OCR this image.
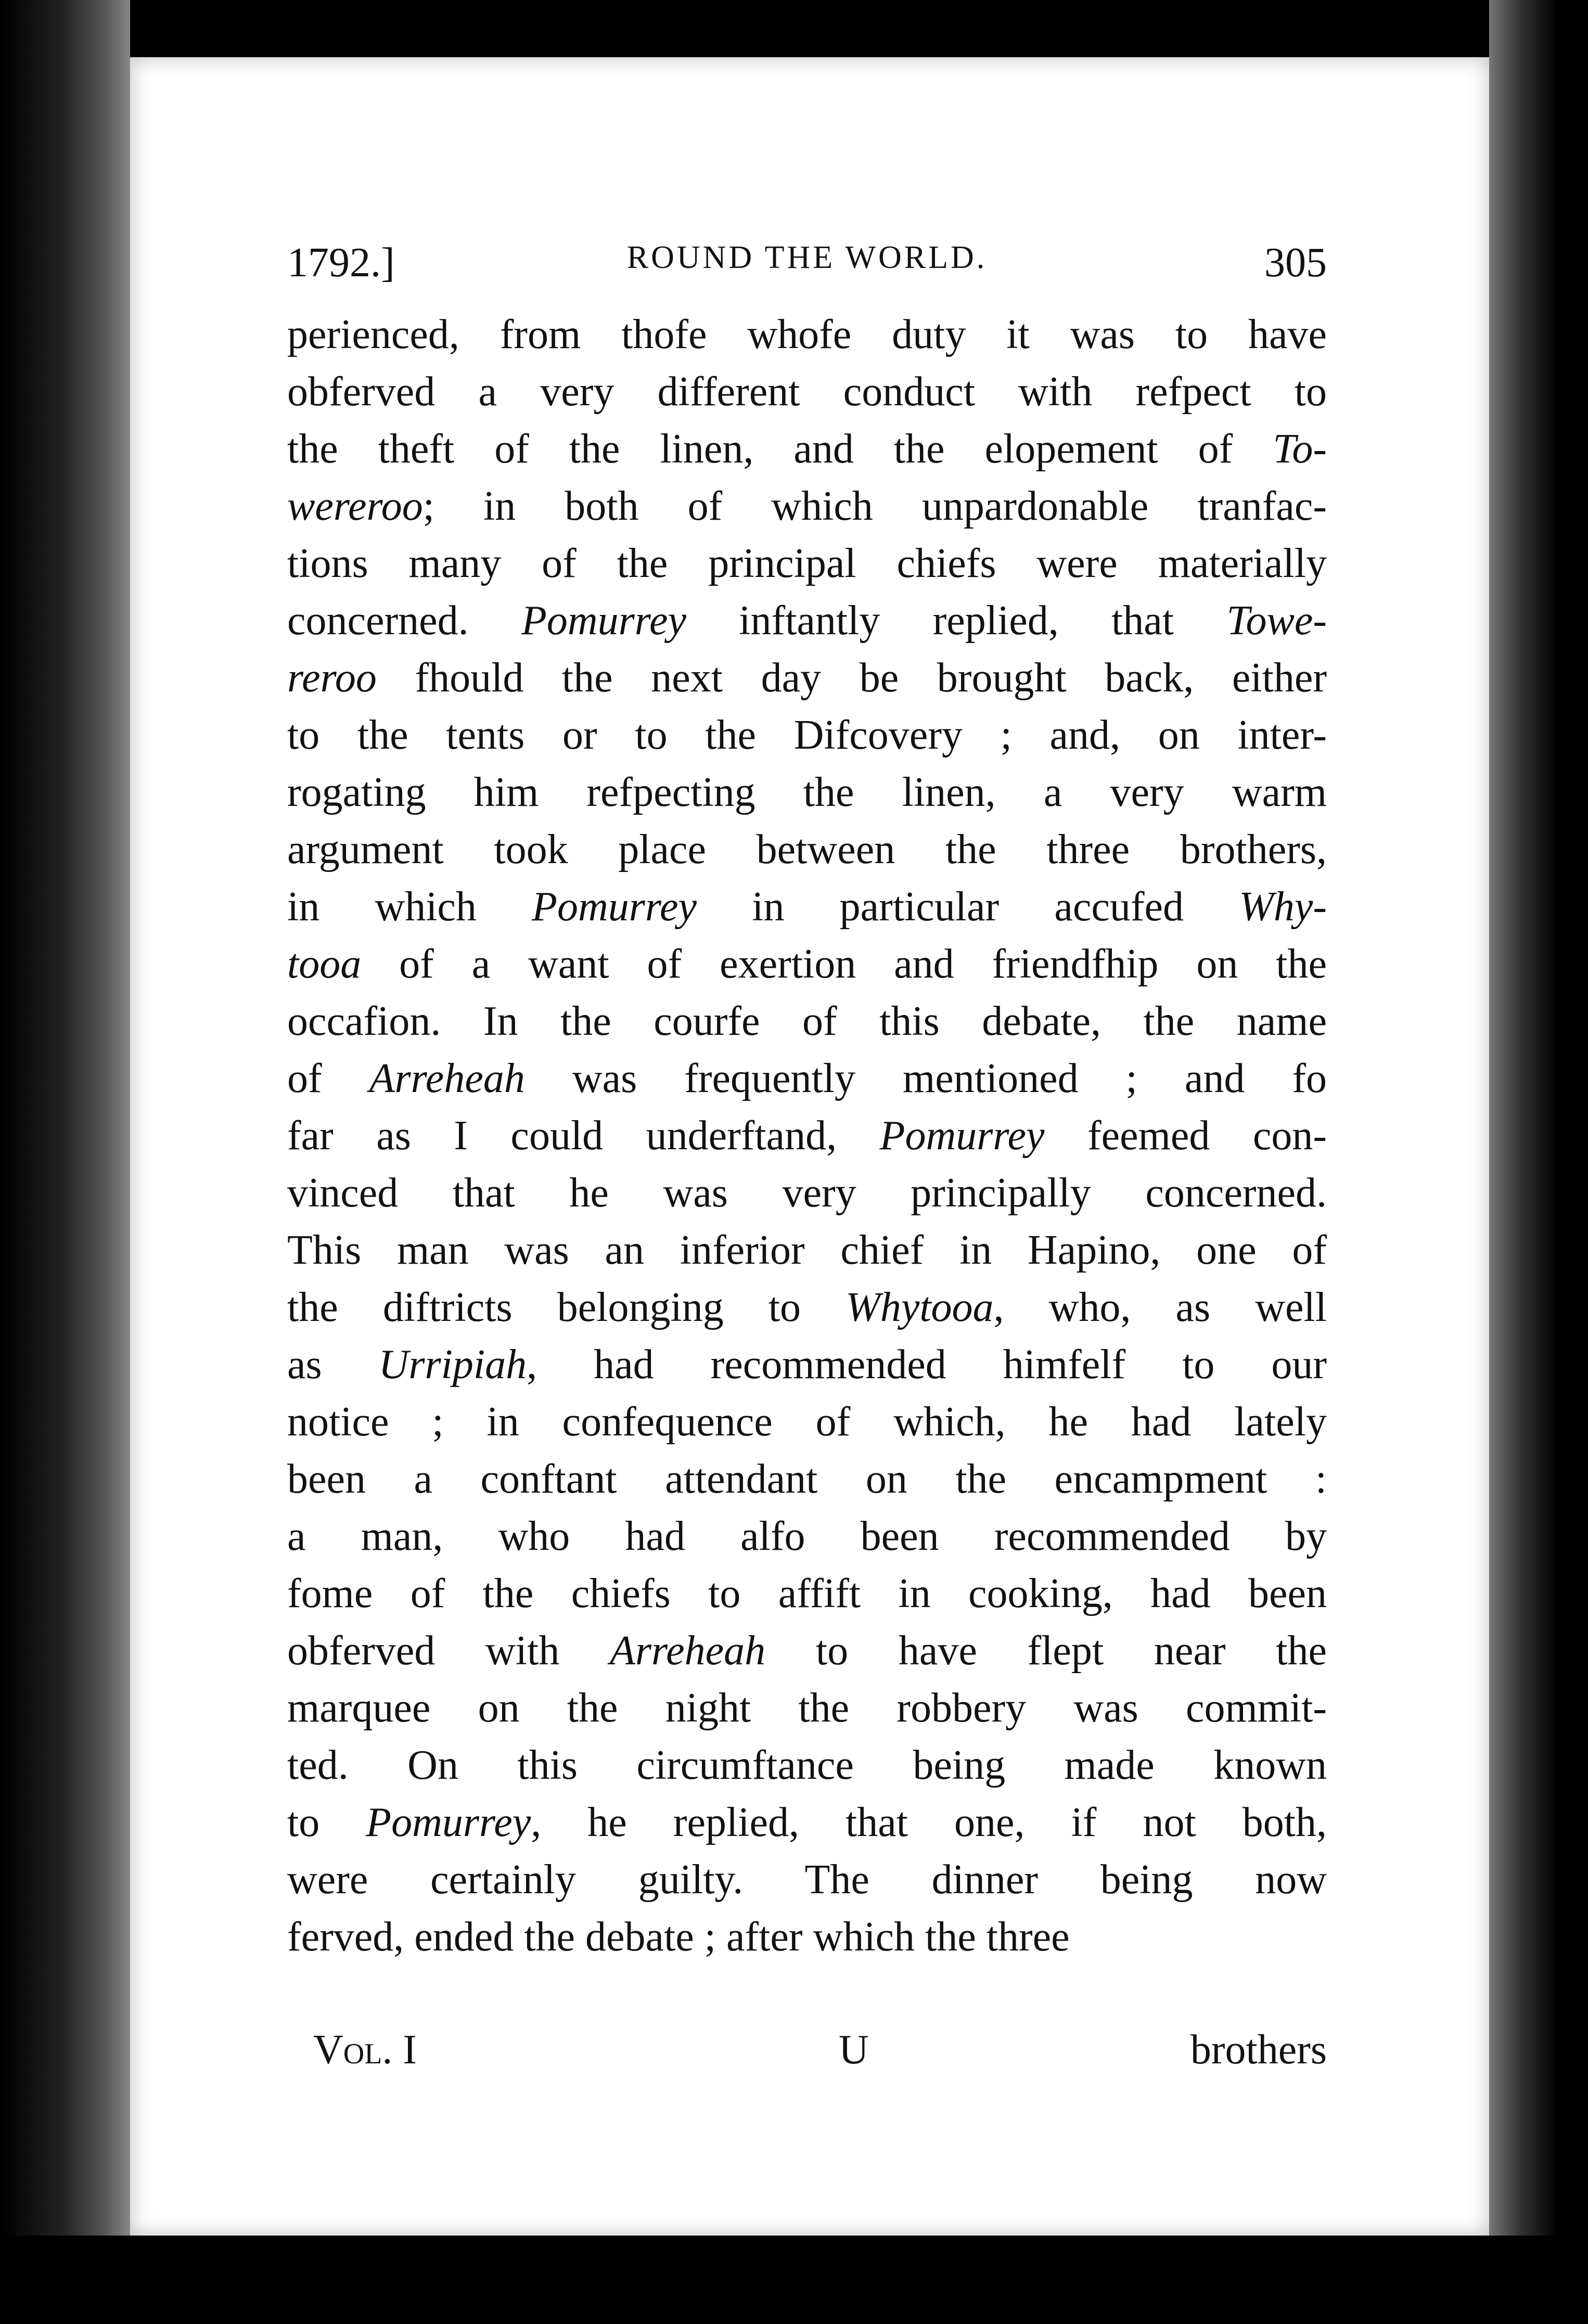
1792.]	ROUND THE WORLD.	305
perienced, from thofe whofe duty it was to have
obferved a very different conduct with refpect to
the theft of the linen, and the elopement of To-
wereroo; in both of which unpardonable tranfac-
tions many of the principal chiefs were materially
concerned. Pomurrey inftantly replied, that Towe-
reroo fhould the next day be brought back, either
to the tents or to the Difcovery ; and, on inter-
rogating him refpecting the linen, a very warm
argument took place between the three brothers,
in which Pomurrey in particular accufed Why-
tooa of a want of exertion and friendfhip on the
occafion. In the courfe of this debate, the name
of Arreheah was frequently mentioned ; and fo
far as I could underftand, Pomurrey feemed con-
vinced that he was very principally concerned.
This man was an inferior chief in Hapino, one of
the diftricts belonging to Whytooa, who, as well
as Urripiah, had recommended himfelf to our
notice ; in confequence of which, he had lately
been a conftant attendant on the encampment :
a man, who had alfo been recommended by
fome of the chiefs to affift in cooking, had been
obferved with Arreheah to have flept near the
marquee on the night the robbery was commit-
ted. On this circumftance being made known
to Pomurrey, he replied, that one, if not both,
were certainly guilty. The dinner being now
ferved, ended the debate ; after which the three
Vol. I	U	brothers
